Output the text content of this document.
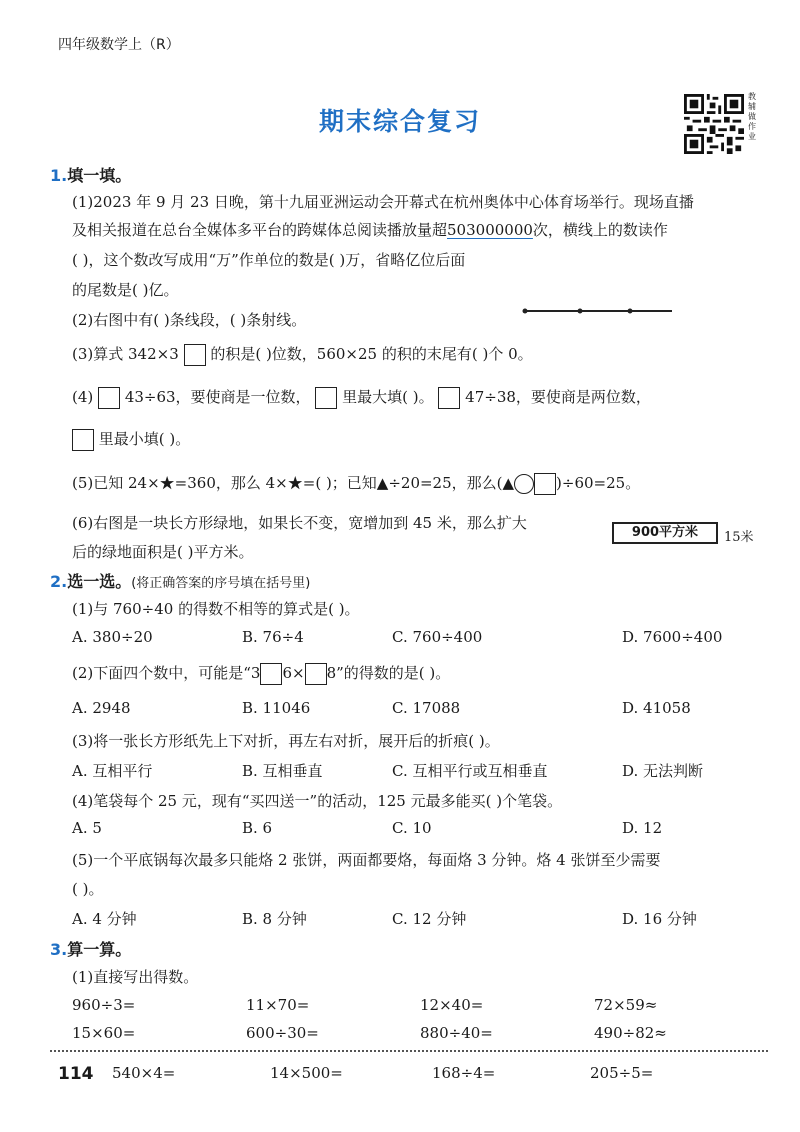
四年级数学上（R）
期末综合复习
教辅做作业
1.填一填。
(1)2023 年 9 月 23 日晚，第十九届亚洲运动会开幕式在杭州奥体中心体育场举行。现场直播
及相关报道在总台全媒体多平台的跨媒体总阅读播放量超503000000次，横线上的数读作
( )，这个数改写成用“万”作单位的数是( )万，省略亿位后面
的尾数是( )亿。
(2)右图中有( )条线段，( )条射线。
(3)算式 342×3 的积是( )位数，560×25 的积的末尾有( )个 0。
(4) 43÷63，要使商是一位数， 里最大填( )。 47÷38，要使商是两位数，
里最小填( )。
(5)已知 24×★=360，那么 4×★=( )；已知▲÷20=25，那么(▲	)÷60=25。
(6)右图是一块长方形绿地，如果长不变，宽增加到 45 米，那么扩大
后的绿地面积是( )平方米。
900平方米	15米
2.选一选。(将正确答案的序号填在括号里)
(1)与 760÷40 的得数不相等的算式是( )。
A. 380÷20	B. 76÷4	C. 760÷400	D. 7600÷400
(2)下面四个数中，可能是“3 6× 8”的得数的是( )。
A. 2948	B. 11046	C. 17088	D. 41058
(3)将一张长方形纸先上下对折，再左右对折，展开后的折痕( )。
A. 互相平行	B. 互相垂直	C. 互相平行或互相垂直	D. 无法判断
(4)笔袋每个 25 元，现有“买四送一”的活动，125 元最多能买( )个笔袋。
A. 5	B. 6	C. 10	D. 12
(5)一个平底锅每次最多只能烙 2 张饼，两面都要烙，每面烙 3 分钟。烙 4 张饼至少需要
( )。
A. 4 分钟	B. 8 分钟	C. 12 分钟	D. 16 分钟
3.算一算。
(1)直接写出得数。
960÷3=	11×70=	12×40=	72×59≈
15×60=	600÷30=	880÷40=	490÷82≈
114 540×4=	14×500=	168÷4=	205÷5=
